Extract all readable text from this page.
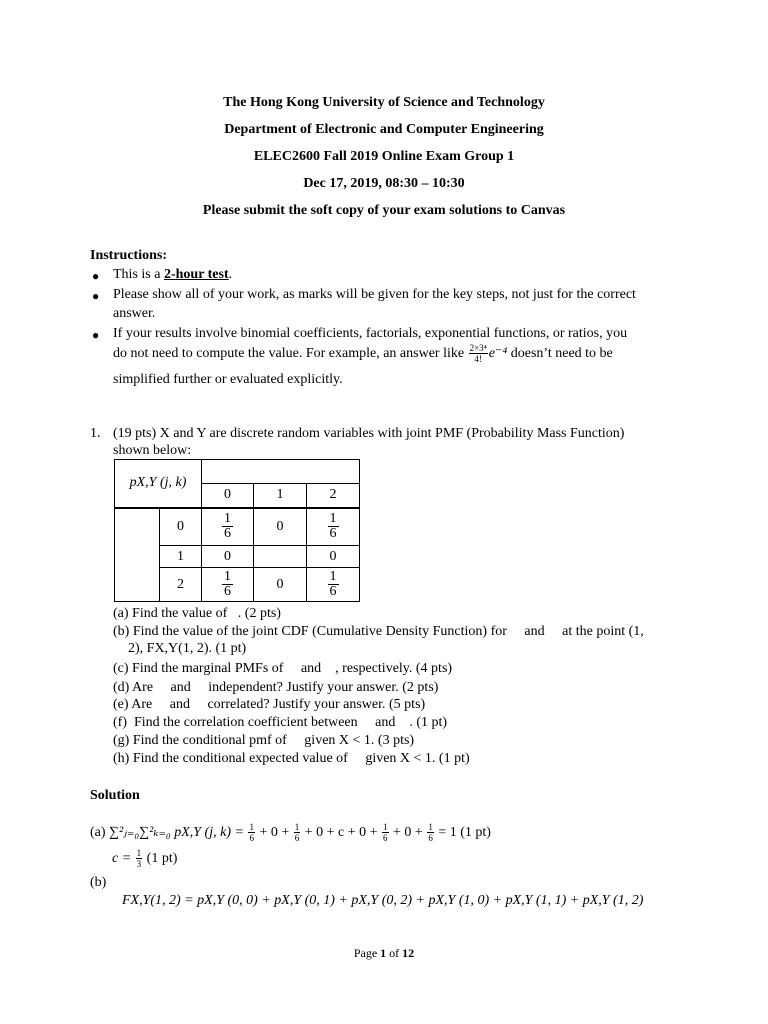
The Hong Kong University of Science and Technology
Department of Electronic and Computer Engineering
ELEC2600 Fall 2019 Online Exam Group 1
Dec 17, 2019, 08:30 – 10:30
Please submit the soft copy of your exam solutions to Canvas
Instructions:
● This is a 2-hour test.
● Please show all of your work, as marks will be given for the key steps, not just for the correct
answer.
● If your results involve binomial coefficients, factorials, exponential functions, or ratios, you
do not need to compute the value. For example, an answer like $\frac{\text{2×3⁴}}{4!} e^{-4}$ doesn’t need to be
simplified further or evaluated explicitly.
1. (19 pts) X and Y are discrete random variables with joint PMF (Probability Mass Function)
shown below:
pX,Y (j, k)				
		0	1	2
	0	$\frac{1}{6}$	0	$\frac{1}{6}$

	1	0		0
	2	$\frac{1}{6}$	0	$\frac{1}{6}$
(a) Find the value of   . (2 pts)
(b) Find the value of the joint CDF (Cumulative Density Function) for     and     at the point (1,
2), FX,Y(1, 2). (1 pt)
(c) Find the marginal PMFs of     and    , respectively. (4 pts)
(d) Are     and     independent? Justify your answer. (2 pts)
(e) Are     and     correlated? Justify your answer. (5 pts)
(f)  Find the correlation coefficient between     and    . (1 pt)
(g) Find the conditional pmf of     given X < 1. (3 pts)
(h) Find the conditional expected value of     given X < 1. (1 pt)
Solution
(a) ∑²ⱼ₌₀∑²ₖ₌₀ pX,Y (j, $k) = \frac{1}{6} + 0 + \frac{1}{6} + 0 + c + 0 + \frac{1}{6} + 0 + \frac{1}{6} = 1$ (1 pt)
$c = \frac{1}{3} (1$ pt)
(b)
FX,Y(1, 2) = pX,Y (0, 0) + pX,Y (0, 1) + pX,Y (0, 2) + pX,Y (1, 0) + pX,Y (1, 1) + pX,Y (1, 2)
Page 1 of 12
